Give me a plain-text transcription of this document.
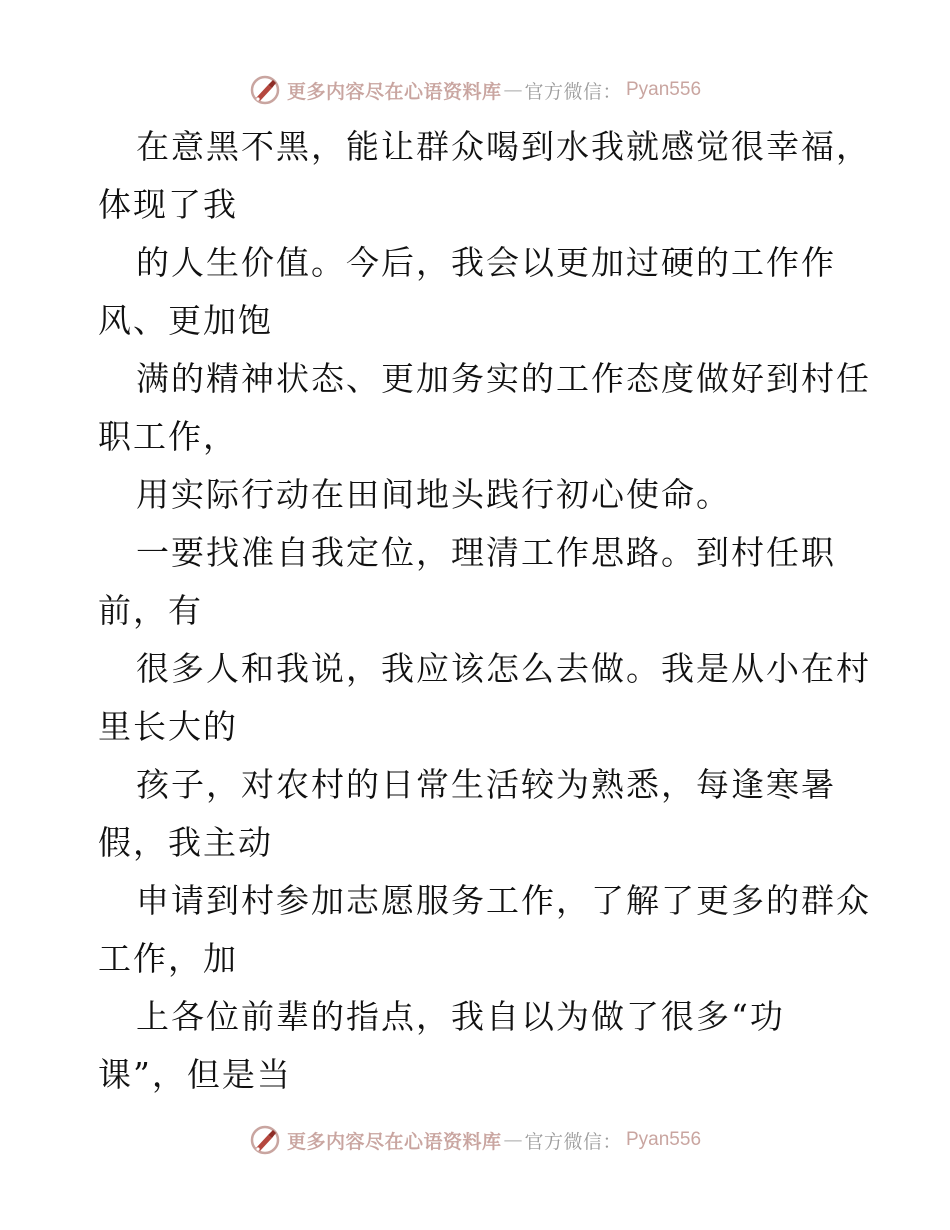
更多内容尽在心语资料库 — 官方微信： Pyan556
在意黑不黑，能让群众喝到水我就感觉很幸福，
体现了我
的人生价值。今后，我会以更加过硬的工作作
风、更加饱
满的精神状态、更加务实的工作态度做好到村任
职工作，
用实际行动在田间地头践行初心使命。
一要找准自我定位，理清工作思路。到村任职
前，有
很多人和我说，我应该怎么去做。我是从小在村
里长大的
孩子，对农村的日常生活较为熟悉，每逢寒暑
假，我主动
申请到村参加志愿服务工作，了解了更多的群众
工作，加
上各位前辈的指点，我自以为做了很多“功
课”，但是当
更多内容尽在心语资料库 — 官方微信： Pyan556
